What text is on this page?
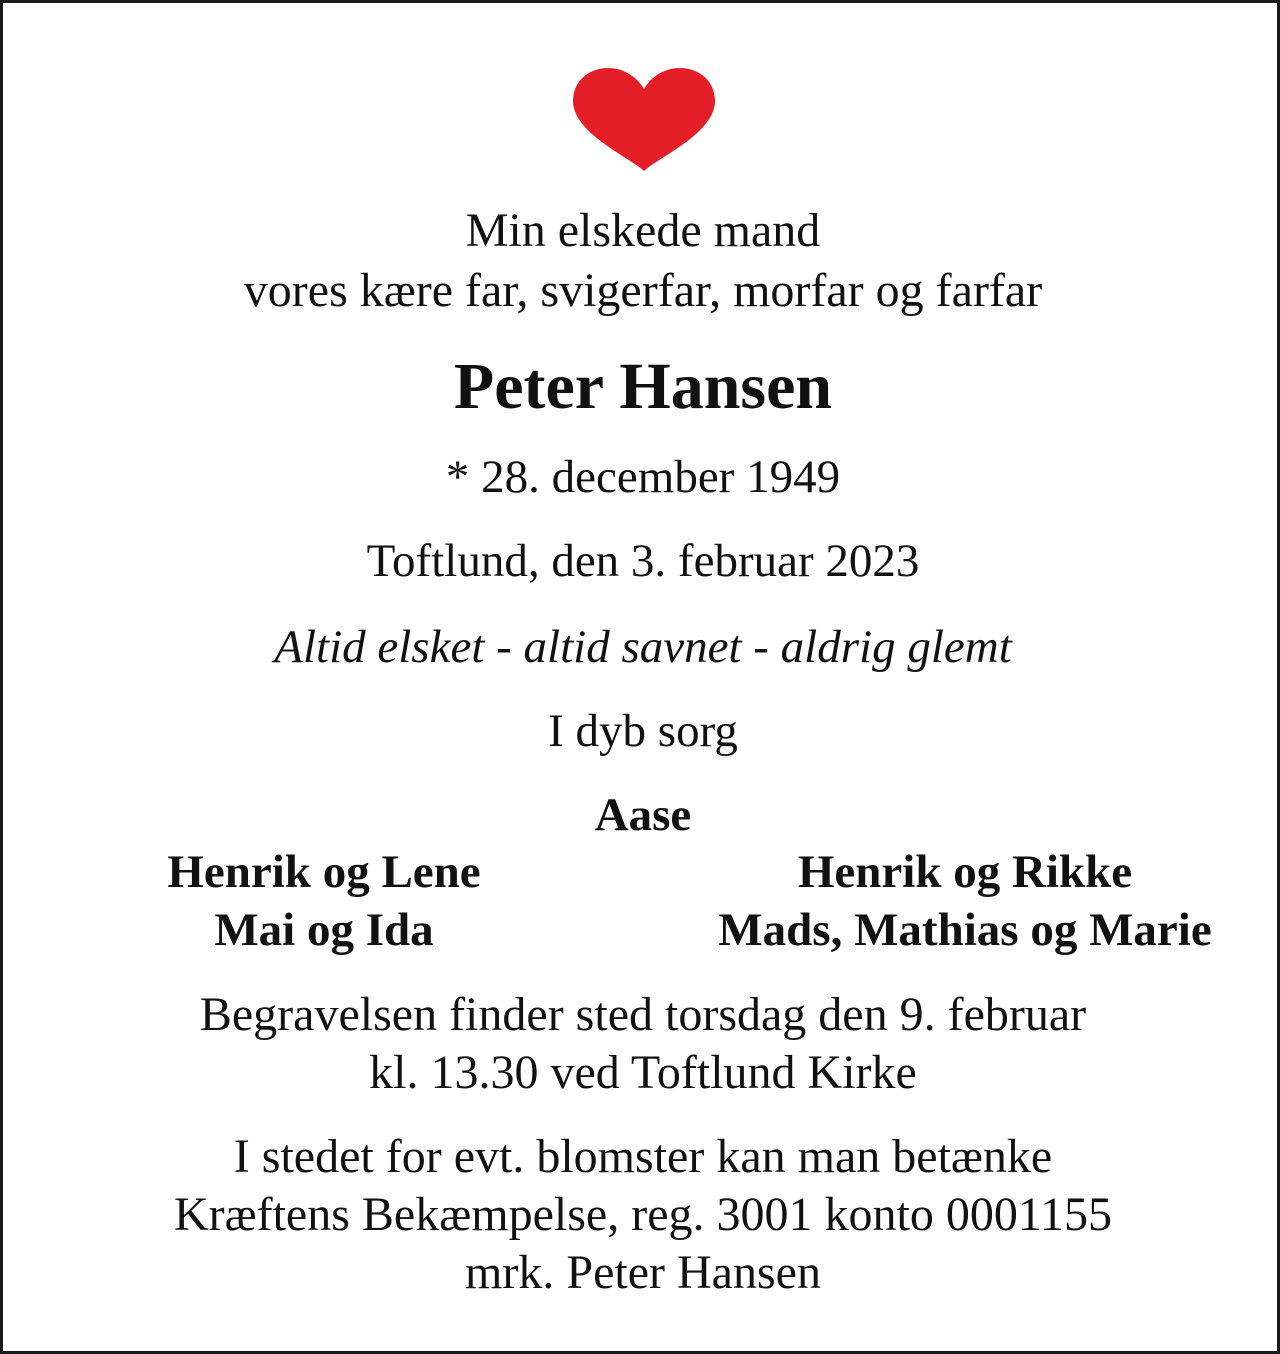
Min elskede mand
vores kære far, svigerfar, morfar og farfar
Peter Hansen
* 28. december 1949
Toftlund, den 3. februar 2023
Altid elsket - altid savnet - aldrig glemt
I dyb sorg
Aase
Henrik og Lene
Mai og Ida
Henrik og Rikke
Mads, Mathias og Marie
Begravelsen finder sted torsdag den 9. februar
kl. 13.30 ved Toftlund Kirke
I stedet for evt. blomster kan man betænke
Kræftens Bekæmpelse, reg. 3001 konto 0001155
mrk. Peter Hansen
